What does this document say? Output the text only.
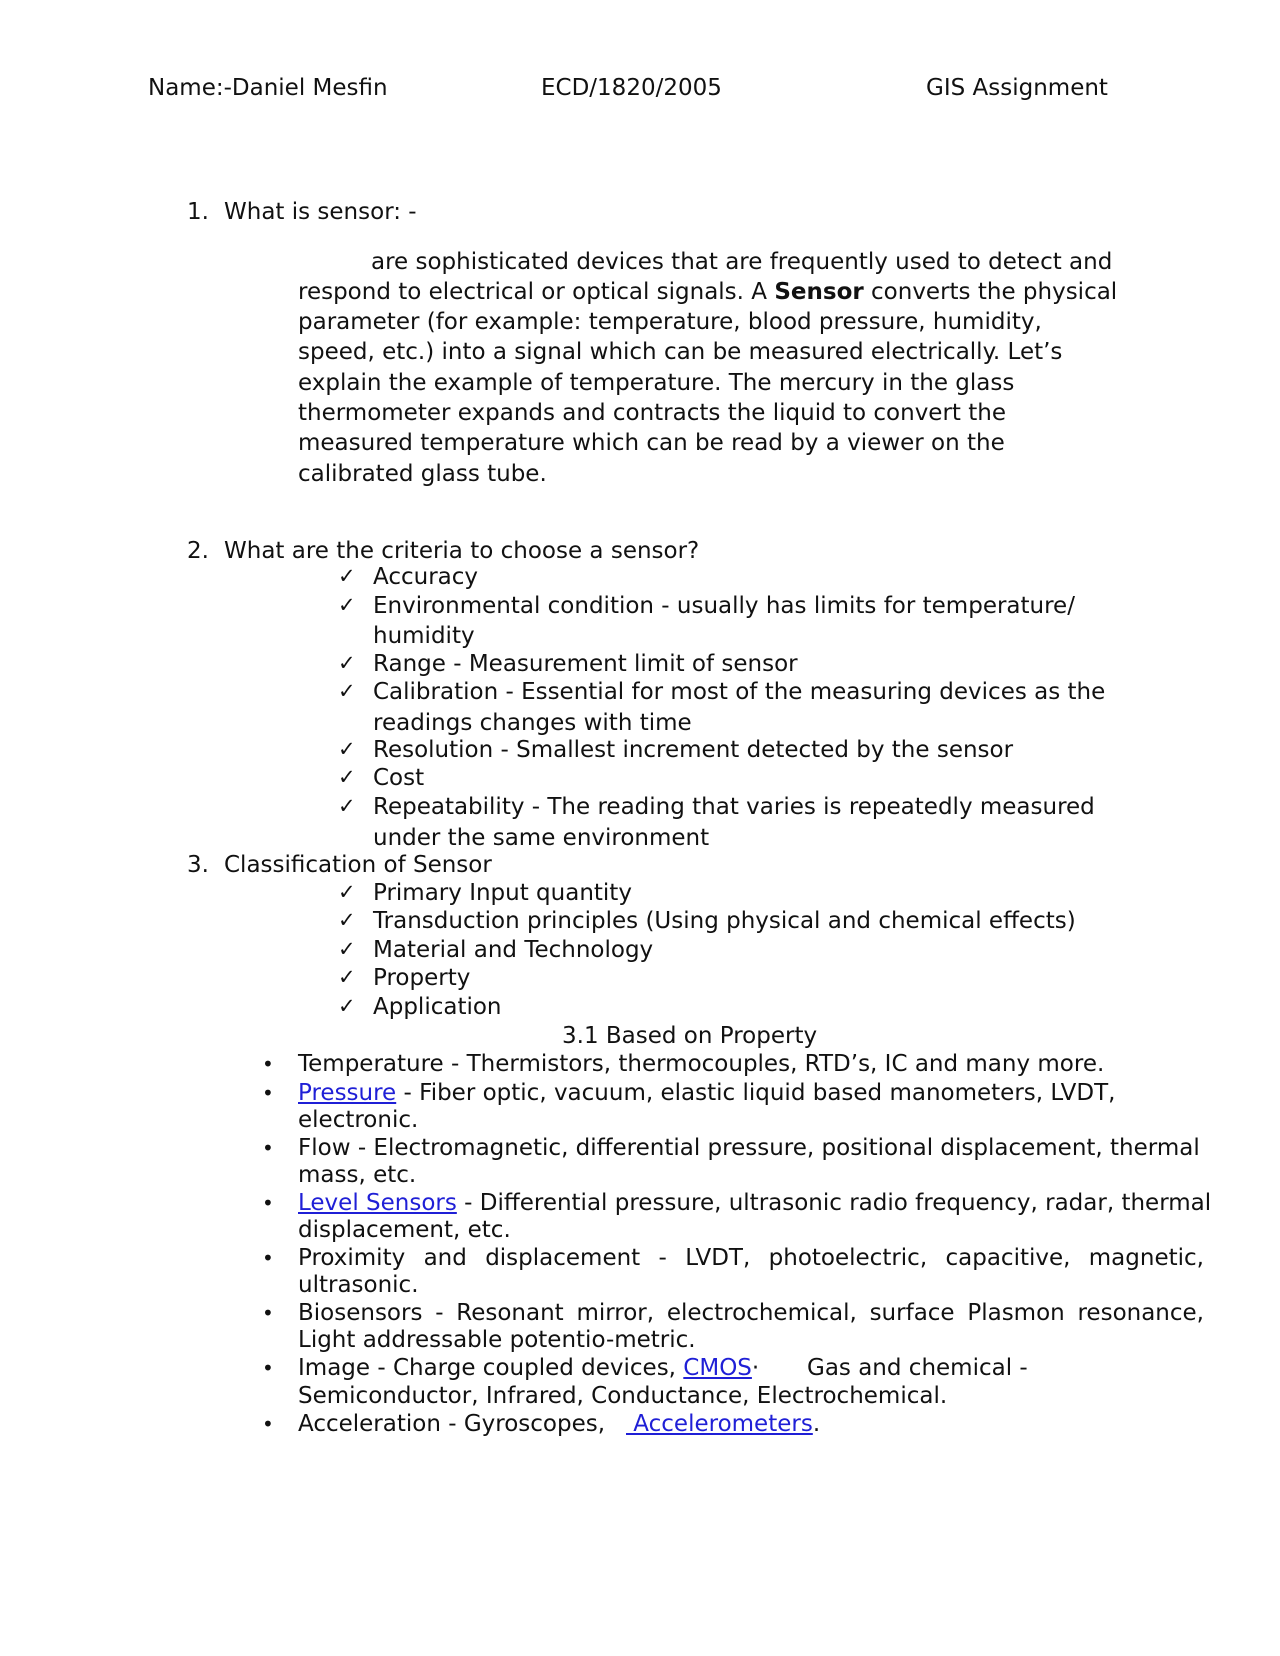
Name:-Daniel Mesfin	ECD/1820/2005	GIS Assignment
1. What is sensor: -
are sophisticated devices that are frequently used to detect and
respond to electrical or optical signals. A Sensor converts the physical
parameter (for example: temperature, blood pressure, humidity,
speed, etc.) into a signal which can be measured electrically. Let’s
explain the example of temperature. The mercury in the glass
thermometer expands and contracts the liquid to convert the
measured temperature which can be read by a viewer on the
calibrated glass tube.
2. What are the criteria to choose a sensor?
✓ Accuracy
✓ Environmental condition - usually has limits for temperature/
humidity
✓ Range - Measurement limit of sensor
✓ Calibration - Essential for most of the measuring devices as the
readings changes with time
✓ Resolution - Smallest increment detected by the sensor
✓ Cost
✓ Repeatability - The reading that varies is repeatedly measured
under the same environment
3. Classification of Sensor
✓ Primary Input quantity
✓ Transduction principles (Using physical and chemical effects)
✓ Material and Technology
✓ Property
✓ Application
3.1 Based on Property
• Temperature - Thermistors, thermocouples, RTD’s, IC and many more.
• Pressure - Fiber optic, vacuum, elastic liquid based manometers, LVDT,
electronic.
• Flow - Electromagnetic, differential pressure, positional displacement, thermal
mass, etc.
• Level Sensors - Differential pressure, ultrasonic radio frequency, radar, thermal
displacement, etc.
• Proximity and displacement - LVDT, photoelectric, capacitive, magnetic,
ultrasonic.
• Biosensors - Resonant mirror, electrochemical, surface Plasmon resonance,
Light addressable potentio-metric.
• Image - Charge coupled devices, CMOS· Gas and chemical -
Semiconductor, Infrared, Conductance, Electrochemical.
• Acceleration - Gyroscopes, Accelerometers.
